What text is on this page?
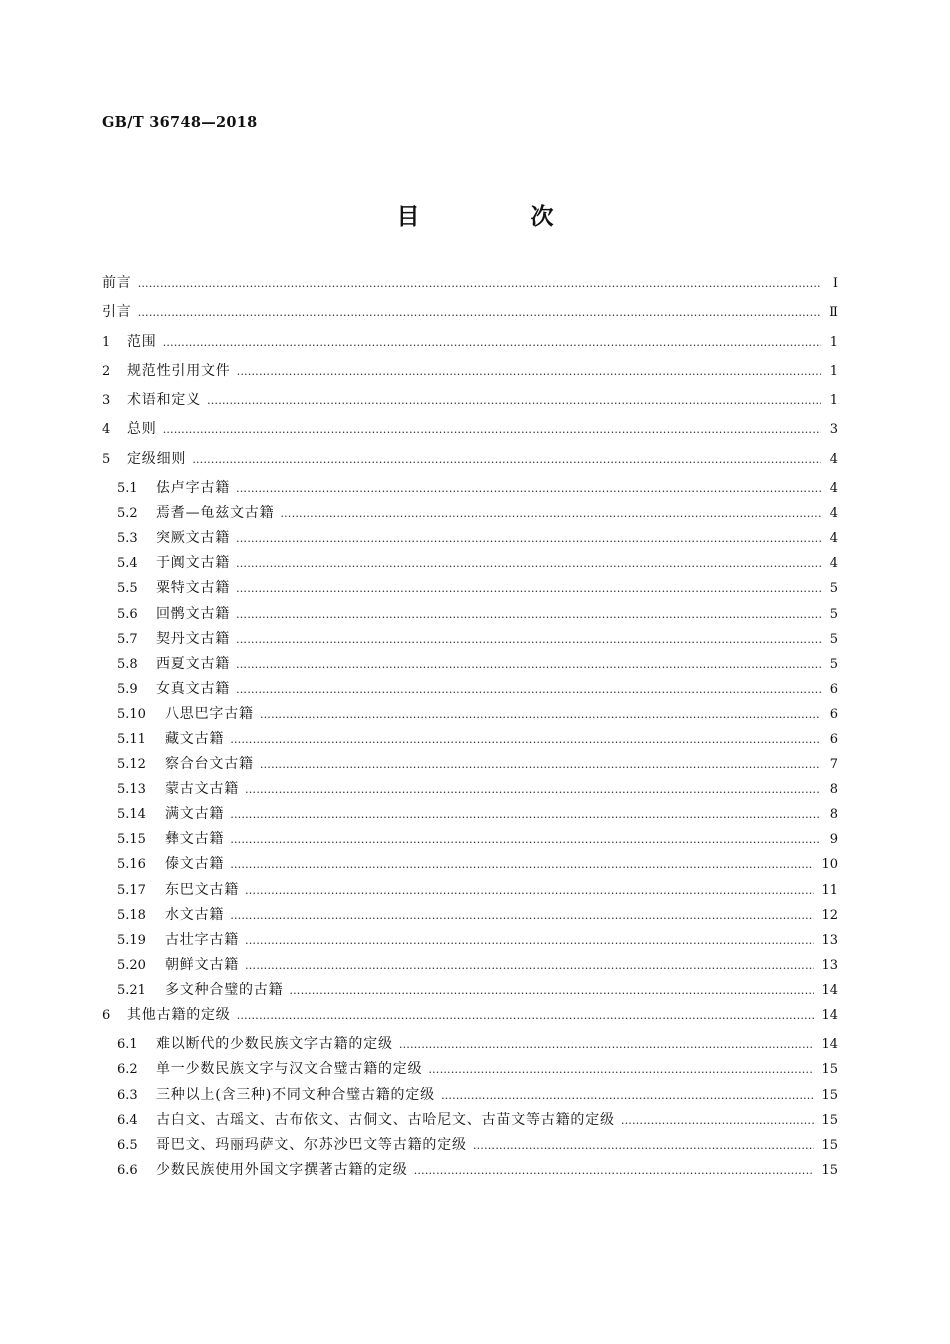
GB/T 36748—2018
目　次
前言 ………………………………………………………………………………………………………………………………………………………………………………………………………………………………………………………………………………………………	Ⅰ
引言 ………………………………………………………………………………………………………………………………………………………………………………………………………………………………………………………………………………………………	Ⅱ
1	范围 ………………………………………………………………………………………………………………………………………………………………………………………………………………………………………………………………………………………………	1
2	规范性引用文件 ………………………………………………………………………………………………………………………………………………………………………………………………………………………………………………………………………………………………	1
3	术语和定义 ………………………………………………………………………………………………………………………………………………………………………………………………………………………………………………………………………………………………	1
4	总则 ………………………………………………………………………………………………………………………………………………………………………………………………………………………………………………………………………………………………	3
5	定级细则 ………………………………………………………………………………………………………………………………………………………………………………………………………………………………………………………………………………………………	4
5.1	佉卢字古籍 ………………………………………………………………………………………………………………………………………………………………………………………………………………………………………………………………………………………………	4
5.2	焉耆—龟兹文古籍 ………………………………………………………………………………………………………………………………………………………………………………………………………………………………………………………………………………………………	4
5.3	突厥文古籍 ………………………………………………………………………………………………………………………………………………………………………………………………………………………………………………………………………………………………	4
5.4	于阗文古籍 ………………………………………………………………………………………………………………………………………………………………………………………………………………………………………………………………………………………………	4
5.5	粟特文古籍 ………………………………………………………………………………………………………………………………………………………………………………………………………………………………………………………………………………………………	5
5.6	回鹘文古籍 ………………………………………………………………………………………………………………………………………………………………………………………………………………………………………………………………………………………………	5
5.7	契丹文古籍 ………………………………………………………………………………………………………………………………………………………………………………………………………………………………………………………………………………………………	5
5.8	西夏文古籍 ………………………………………………………………………………………………………………………………………………………………………………………………………………………………………………………………………………………………	5
5.9	女真文古籍 ………………………………………………………………………………………………………………………………………………………………………………………………………………………………………………………………………………………………	6
5.10	八思巴字古籍 ………………………………………………………………………………………………………………………………………………………………………………………………………………………………………………………………………………………………	6
5.11	藏文古籍 ………………………………………………………………………………………………………………………………………………………………………………………………………………………………………………………………………………………………	6
5.12	察合台文古籍 ………………………………………………………………………………………………………………………………………………………………………………………………………………………………………………………………………………………………	7
5.13	蒙古文古籍 ………………………………………………………………………………………………………………………………………………………………………………………………………………………………………………………………………………………………	8
5.14	满文古籍 ………………………………………………………………………………………………………………………………………………………………………………………………………………………………………………………………………………………………	8
5.15	彝文古籍 ………………………………………………………………………………………………………………………………………………………………………………………………………………………………………………………………………………………………	9
5.16	傣文古籍 ………………………………………………………………………………………………………………………………………………………………………………………………………………………………………………………………………………………………	10
5.17	东巴文古籍 ………………………………………………………………………………………………………………………………………………………………………………………………………………………………………………………………………………………………	11
5.18	水文古籍 ………………………………………………………………………………………………………………………………………………………………………………………………………………………………………………………………………………………………	12
5.19	古壮字古籍 ………………………………………………………………………………………………………………………………………………………………………………………………………………………………………………………………………………………………	13
5.20	朝鲜文古籍 ………………………………………………………………………………………………………………………………………………………………………………………………………………………………………………………………………………………………	13
5.21	多文种合璧的古籍 ………………………………………………………………………………………………………………………………………………………………………………………………………………………………………………………………………………………………	14
6	其他古籍的定级 ………………………………………………………………………………………………………………………………………………………………………………………………………………………………………………………………………………………………	14
6.1	难以断代的少数民族文字古籍的定级 ………………………………………………………………………………………………………………………………………………………………………………………………………………………………………………………………………………………………	14
6.2	单一少数民族文字与汉文合璧古籍的定级 ………………………………………………………………………………………………………………………………………………………………………………………………………………………………………………………………………………………………	15
6.3	三种以上(含三种)不同文种合璧古籍的定级 ………………………………………………………………………………………………………………………………………………………………………………………………………………………………………………………………………………………………	15
6.4	古白文、古瑶文、古布依文、古侗文、古哈尼文、古苗文等古籍的定级 ………………………………………………………………………………………………………………………………………………………………………………………………………………………………………………………………………………………………	15
6.5	哥巴文、玛丽玛萨文、尔苏沙巴文等古籍的定级 ………………………………………………………………………………………………………………………………………………………………………………………………………………………………………………………………………………………………	15
6.6	少数民族使用外国文字撰著古籍的定级 ………………………………………………………………………………………………………………………………………………………………………………………………………………………………………………………………………………………………	15
